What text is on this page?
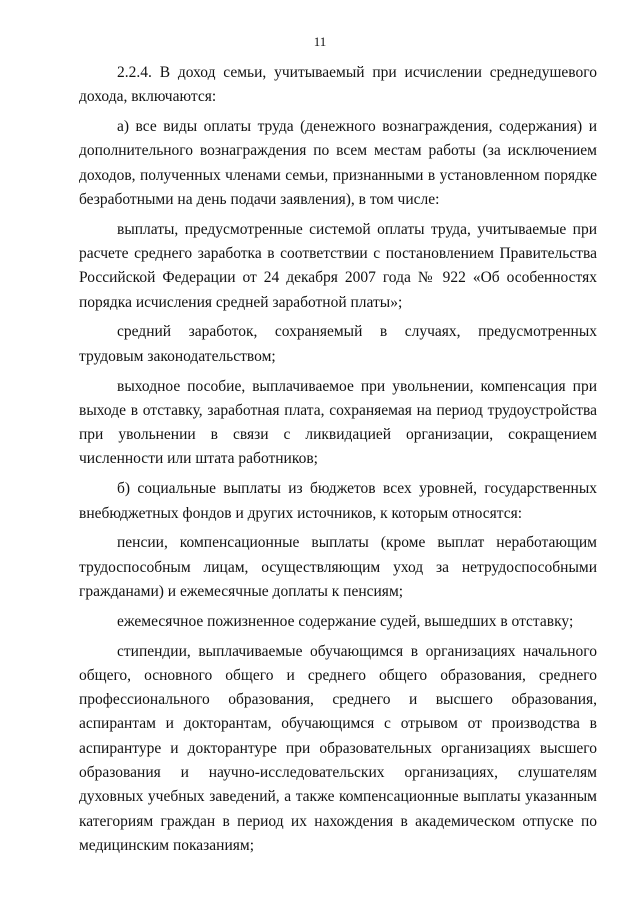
11

2.2.4. В доход семьи, учитываемый при исчислении среднедушевого дохода, включаются:

а) все виды оплаты труда (денежного вознаграждения, содержания) и дополнительного вознаграждения по всем местам работы (за исключением доходов, полученных членами семьи, признанными в установленном порядке безработными на день подачи заявления), в том числе:

выплаты, предусмотренные системой оплаты труда, учитываемые при расчете среднего заработка в соответствии с постановлением Правительства Российской Федерации от 24 декабря 2007 года № 922 «Об особенностях порядка исчисления средней заработной платы»;

средний заработок, сохраняемый в случаях, предусмотренных трудовым законодательством;

выходное пособие, выплачиваемое при увольнении, компенсация при выходе в отставку, заработная плата, сохраняемая на период трудоустройства при увольнении в связи с ликвидацией организации, сокращением численности или штата работников;

б) социальные выплаты из бюджетов всех уровней, государственных внебюджетных фондов и других источников, к которым относятся:

пенсии, компенсационные выплаты (кроме выплат неработающим трудоспособным лицам, осуществляющим уход за нетрудоспособными гражданами) и ежемесячные доплаты к пенсиям;

ежемесячное пожизненное содержание судей, вышедших в отставку;

стипендии, выплачиваемые обучающимся в организациях начального общего, основного общего и среднего общего образования, среднего профессионального образования, среднего и высшего образования, аспирантам и докторантам, обучающимся с отрывом от производства в аспирантуре и докторантуре при образовательных организациях высшего образования и научно-исследовательских организациях, слушателям духовных учебных заведений, а также компенсационные выплаты указанным категориям граждан в период их нахождения в академическом отпуске по медицинским показаниям;
